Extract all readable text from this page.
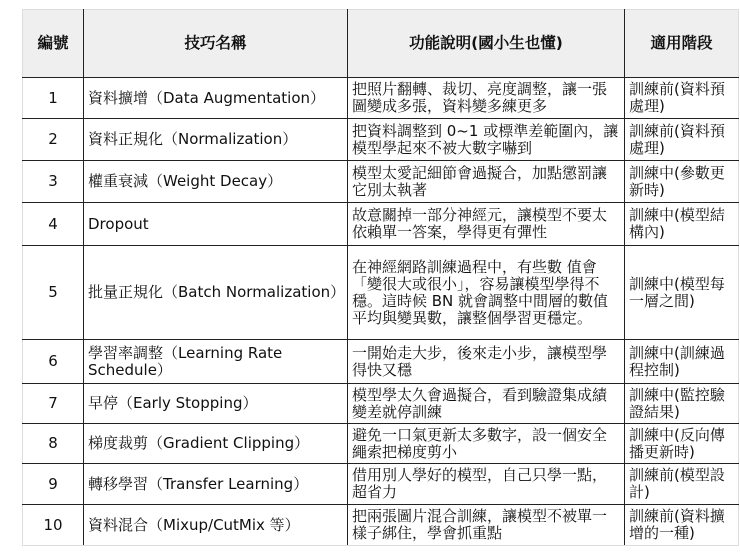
編號	技巧名稱	功能說明(國小生也懂)	適用階段
1	資料擴增（Data Augmentation）	把照片翻轉、裁切、亮度調整，讓一張圖變成多張，資料變多練更多	訓練前(資料預處理)
2	資料正規化（Normalization）	把資料調整到 0~1 或標準差範圍內，讓模型學起來不被大數字嚇到	訓練前(資料預處理)
3	權重衰減（Weight Decay）	模型太愛記細節會過擬合，加點懲罰讓它別太執著	訓練中(參數更新時)
4	Dropout	故意關掉一部分神經元，讓模型不要太依賴單一答案，學得更有彈性	訓練中(模型結構內)
5	批量正規化（Batch Normalization）	在神經網路訓練過程中，有些數 值會「變很大或很小」，容易讓模型學得不穩。這時候 BN 就會調整中間層的數值平均與變異數，讓整個學習更穩定。	訓練中(模型每一層之間)
6	學習率調整（Learning Rate Schedule）	一開始走大步，後來走小步，讓模型學得快又穩	訓練中(訓練過程控制)
7	早停（Early Stopping）	模型學太久會過擬合，看到驗證集成績變差就停訓練	訓練中(監控驗證結果)
8	梯度裁剪（Gradient Clipping）	避免一口氣更新太多數字，設一個安全繩索把梯度剪小	訓練中(反向傳播更新時)
9	轉移學習（Transfer Learning）	借用別人學好的模型，自己只學一點，超省力	訓練前(模型設計)
10	資料混合（Mixup/CutMix 等）	把兩張圖片混合訓練，讓模型不被單一樣子綁住，學會抓重點	訓練前(資料擴增的一種)
